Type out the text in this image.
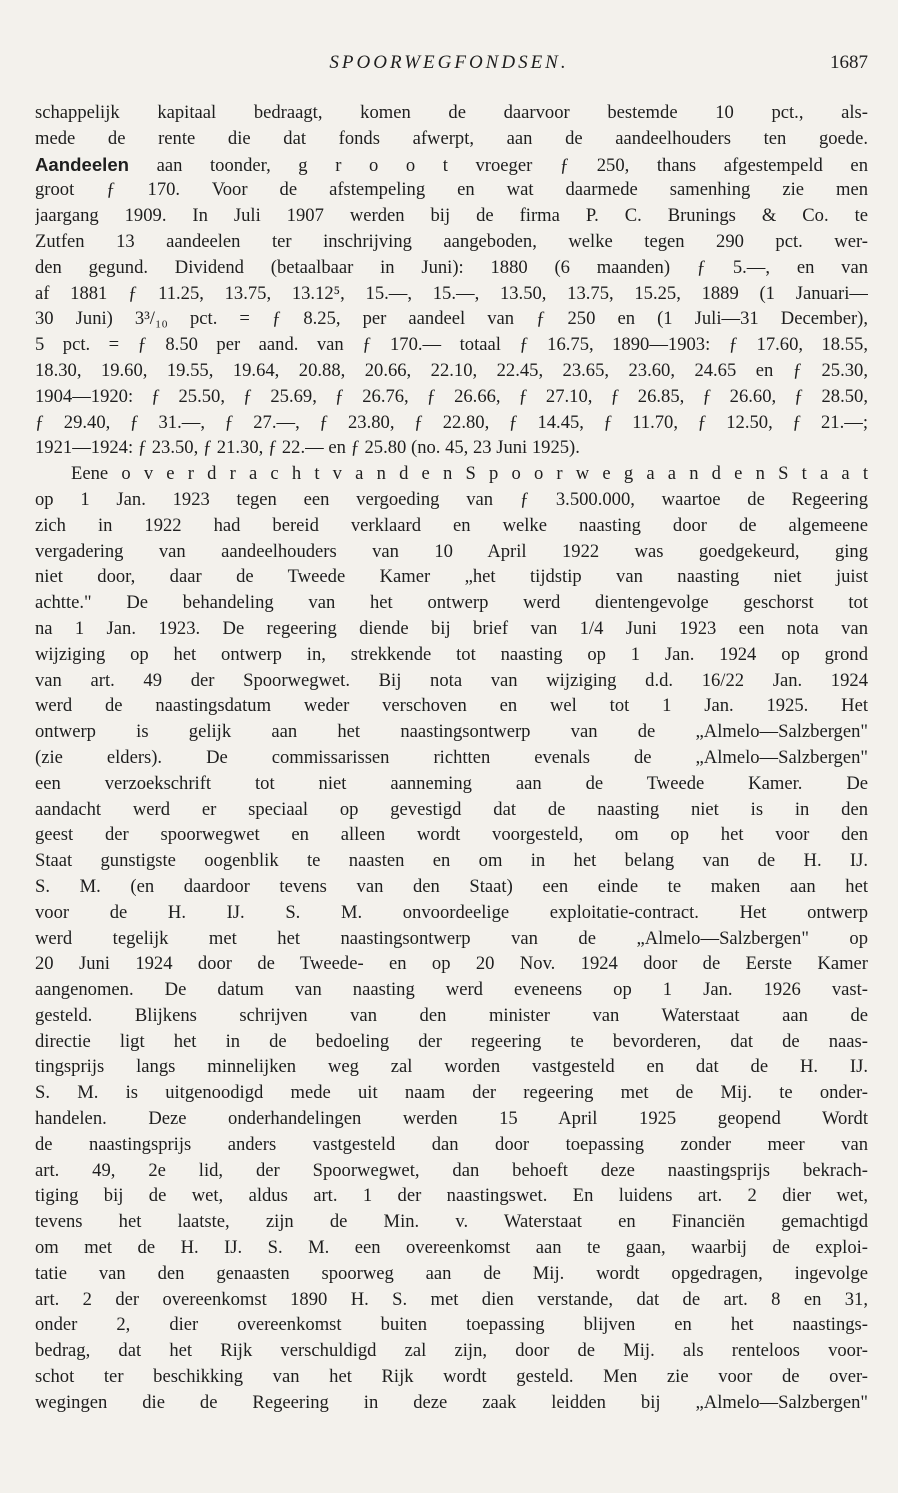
SPOORWEGFONDSEN.	1687
schappelijk kapitaal bedraagt, komen de daarvoor bestemde 10 pct., als-
mede de rente die dat fonds afwerpt, aan de aandeelhouders ten goede.
Aandeelen aan toonder, g r o o t vroeger ƒ 250, thans afgestempeld en
groot ƒ 170. Voor de afstempeling en wat daarmede samenhing zie men
jaargang 1909. In Juli 1907 werden bij de firma P. C. Brunings & Co. te
Zutfen 13 aandeelen ter inschrijving aangeboden, welke tegen 290 pct. wer-
den gegund. Dividend (betaalbaar in Juni): 1880 (6 maanden) ƒ 5.—, en van
af 1881 ƒ 11.25, 13.75, 13.12⁵, 15.—, 15.—, 13.50, 13.75, 15.25, 1889 (1 Januari—
30 Juni) 3³/₁₀ pct. = ƒ 8.25, per aandeel van ƒ 250 en (1 Juli—31 December),
5 pct. = ƒ 8.50 per aand. van ƒ 170.— totaal ƒ 16.75, 1890—1903: ƒ 17.60, 18.55,
18.30, 19.60, 19.55, 19.64, 20.88, 20.66, 22.10, 22.45, 23.65, 23.60, 24.65 en ƒ 25.30,
1904—1920: ƒ 25.50, ƒ 25.69, ƒ 26.76, ƒ 26.66, ƒ 27.10, ƒ 26.85, ƒ 26.60, ƒ 28.50,
ƒ 29.40, ƒ 31.—, ƒ 27.—, ƒ 23.80, ƒ 22.80, ƒ 14.45, ƒ 11.70, ƒ 12.50, ƒ 21.—;
1921—1924: ƒ 23.50, ƒ 21.30, ƒ 22.— en ƒ 25.80 (no. 45, 23 Juni 1925).
Eene o v e r d r a c h t v a n d e n S p o o r w e g a a n d e n S t a a t
op 1 Jan. 1923 tegen een vergoeding van ƒ 3.500.000, waartoe de Regeering
zich in 1922 had bereid verklaard en welke naasting door de algemeene
vergadering van aandeelhouders van 10 April 1922 was goedgekeurd, ging
niet door, daar de Tweede Kamer „het tijdstip van naasting niet juist
achtte." De behandeling van het ontwerp werd dientengevolge geschorst tot
na 1 Jan. 1923. De regeering diende bij brief van 1/4 Juni 1923 een nota van
wijziging op het ontwerp in, strekkende tot naasting op 1 Jan. 1924 op grond
van art. 49 der Spoorwegwet. Bij nota van wijziging d.d. 16/22 Jan. 1924
werd de naastingsdatum weder verschoven en wel tot 1 Jan. 1925. Het
ontwerp is gelijk aan het naastingsontwerp van de „Almelo—Salzbergen"
(zie elders). De commissarissen richtten evenals de „Almelo—Salzbergen"
een verzoekschrift tot niet aanneming aan de Tweede Kamer. De
aandacht werd er speciaal op gevestigd dat de naasting niet is in den
geest der spoorwegwet en alleen wordt voorgesteld, om op het voor den
Staat gunstigste oogenblik te naasten en om in het belang van de H. IJ.
S. M. (en daardoor tevens van den Staat) een einde te maken aan het
voor de H. IJ. S. M. onvoordeelige exploitatie-contract. Het ontwerp
werd tegelijk met het naastingsontwerp van de „Almelo—Salzbergen" op
20 Juni 1924 door de Tweede- en op 20 Nov. 1924 door de Eerste Kamer
aangenomen. De datum van naasting werd eveneens op 1 Jan. 1926 vast-
gesteld. Blijkens schrijven van den minister van Waterstaat aan de
directie ligt het in de bedoeling der regeering te bevorderen, dat de naas-
tingsprijs langs minnelijken weg zal worden vastgesteld en dat de H. IJ.
S. M. is uitgenoodigd mede uit naam der regeering met de Mij. te onder-
handelen. Deze onderhandelingen werden 15 April 1925 geopend Wordt
de naastingsprijs anders vastgesteld dan door toepassing zonder meer van
art. 49, 2e lid, der Spoorwegwet, dan behoeft deze naastingsprijs bekrach-
tiging bij de wet, aldus art. 1 der naastingswet. En luidens art. 2 dier wet,
tevens het laatste, zijn de Min. v. Waterstaat en Financiën gemachtigd
om met de H. IJ. S. M. een overeenkomst aan te gaan, waarbij de exploi-
tatie van den genaasten spoorweg aan de Mij. wordt opgedragen, ingevolge
art. 2 der overeenkomst 1890 H. S. met dien verstande, dat de art. 8 en 31,
onder 2, dier overeenkomst buiten toepassing blijven en het naastings-
bedrag, dat het Rijk verschuldigd zal zijn, door de Mij. als renteloos voor-
schot ter beschikking van het Rijk wordt gesteld. Men zie voor de over-
wegingen die de Regeering in deze zaak leidden bij „Almelo—Salzbergen"
